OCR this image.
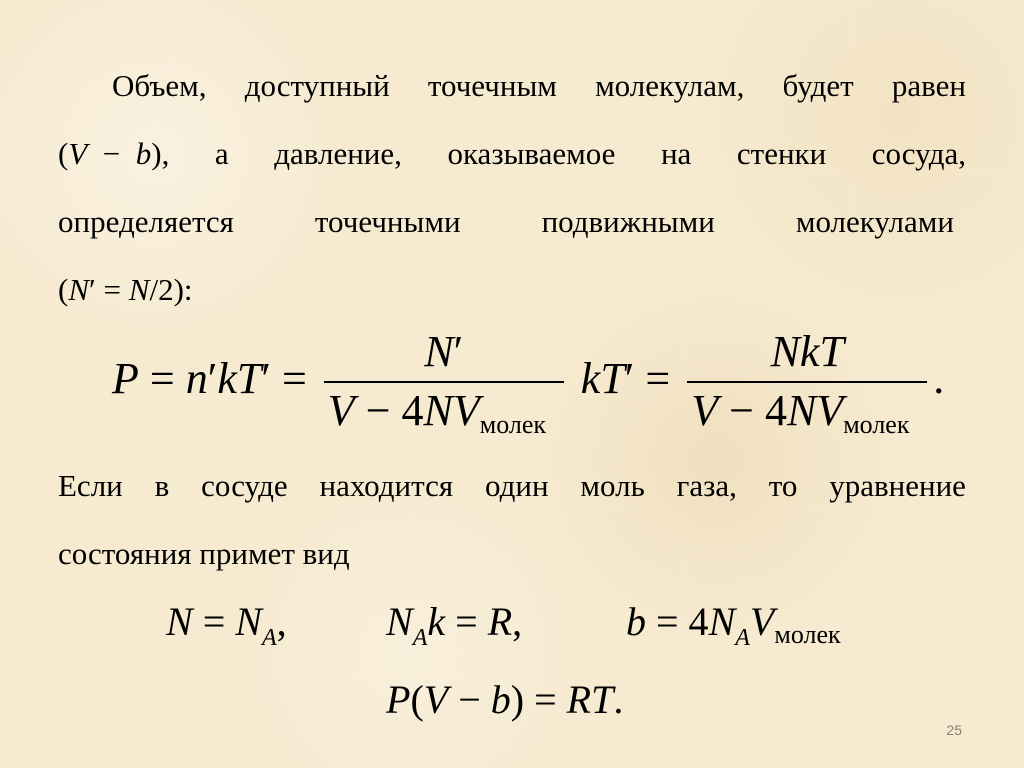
Объем, доступный точечным молекулам, будет равен
(V  −  b), а давление, оказываемое на стенки сосуда,
определяется	точечными	подвижными	молекулами
(N′ = N/2 ):
$P = n'kT' = \frac{N'}{V - 4NV_{молек}} kT' = \frac{\text{NkT}}{V - 4NV_{молек}}$ .
Если в сосуде находится один моль газа, то уравнение
состояния примет вид
$N = N_A$, $N_Ak = R$,	$b = 4N_AV_{молек}$
P(V − b) = RT.
25
